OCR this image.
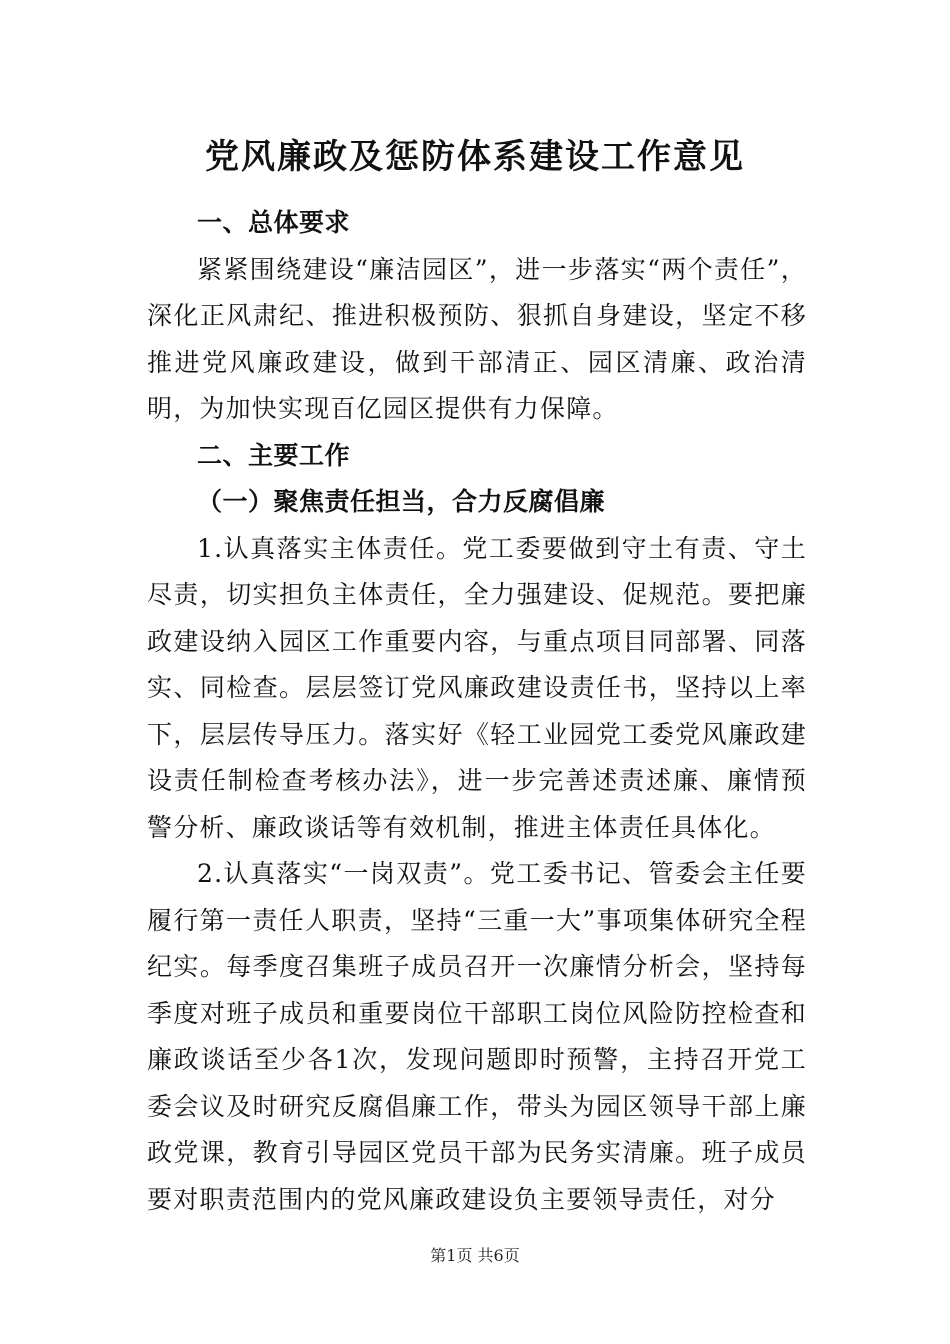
党风廉政及惩防体系建设工作意见

一、总体要求

紧紧围绕建设“廉洁园区”，进一步落实“两个责任”，深化正风肃纪、推进积极预防、狠抓自身建设，坚定不移推进党风廉政建设，做到干部清正、园区清廉、政治清明，为加快实现百亿园区提供有力保障。

二、主要工作

（一）聚焦责任担当，合力反腐倡廉

1.认真落实主体责任。党工委要做到守土有责、守土尽责，切实担负主体责任，全力强建设、促规范。要把廉政建设纳入园区工作重要内容，与重点项目同部署、同落实、同检查。层层签订党风廉政建设责任书，坚持以上率下，层层传导压力。落实好《轻工业园党工委党风廉政建设责任制检查考核办法》，进一步完善述责述廉、廉情预警分析、廉政谈话等有效机制，推进主体责任具体化。

2.认真落实“一岗双责”。党工委书记、管委会主任要履行第一责任人职责，坚持“三重一大”事项集体研究全程纪实。每季度召集班子成员召开一次廉情分析会，坚持每季度对班子成员和重要岗位干部职工岗位风险防控检查和廉政谈话至少各1次，发现问题即时预警，主持召开党工委会议及时研究反腐倡廉工作，带头为园区领导干部上廉政党课，教育引导园区党员干部为民务实清廉。班子成员要对职责范围内的党风廉政建设负主要领导责任，对分

第1页 共6页
